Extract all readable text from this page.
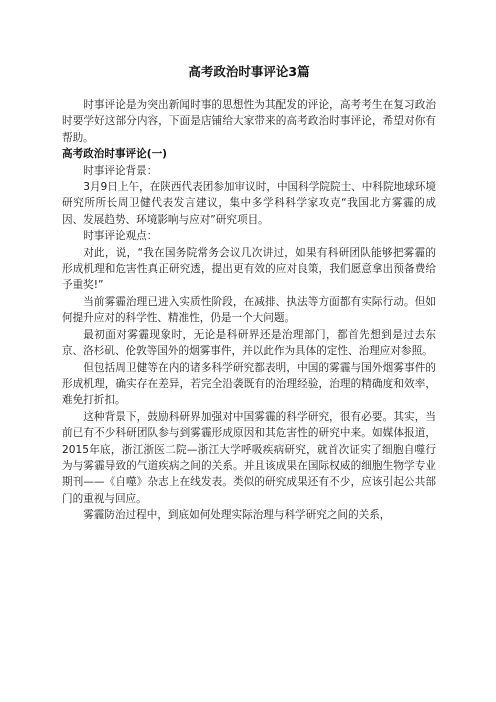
高考政治时事评论3篇

时事评论是为突出新闻时事的思想性为其配发的评论，高考考生在复习政治时要学好这部分内容，下面是店铺给大家带来的高考政治时事评论，希望对你有帮助。

高考政治时事评论(一)

时事评论背景：

3月9日上午，在陕西代表团参加审议时，中国科学院院士、中科院地球环境研究所所长周卫健代表发言建议，集中多学科科学家攻克“我国北方雾霾的成因、发展趋势、环境影响与应对”研究项目。

时事评论观点：

对此，说，“我在国务院常务会议几次讲过，如果有科研团队能够把雾霾的形成机理和危害性真正研究透，提出更有效的应对良策，我们愿意拿出预备费给予重奖!”

当前雾霾治理已进入实质性阶段，在减排、执法等方面都有实际行动。但如何提升应对的科学性、精准性，仍是一个大问题。

最初面对雾霾现象时，无论是科研界还是治理部门，都首先想到是过去东京、洛杉矶、伦敦等国外的烟雾事件，并以此作为具体的定性、治理应对参照。

但包括周卫健等在内的诸多科学研究都表明，中国的雾霾与国外烟雾事件的形成机理，确实存在差异，若完全沿袭既有的治理经验，治理的精确度和效率，难免打折扣。

这种背景下，鼓励科研界加强对中国雾霾的科学研究，很有必要。其实，当前已有不少科研团队参与到雾霾形成原因和其危害性的研究中来。如媒体报道，2015年底，浙江浙医二院—浙江大学呼吸疾病研究，就首次证实了细胞自噬行为与雾霾导致的气道疾病之间的关系。并且该成果在国际权威的细胞生物学专业期刊——《自噬》杂志上在线发表。类似的研究成果还有不少，应该引起公共部门的重视与回应。

雾霾防治过程中，到底如何处理实际治理与科学研究之间的关系，
